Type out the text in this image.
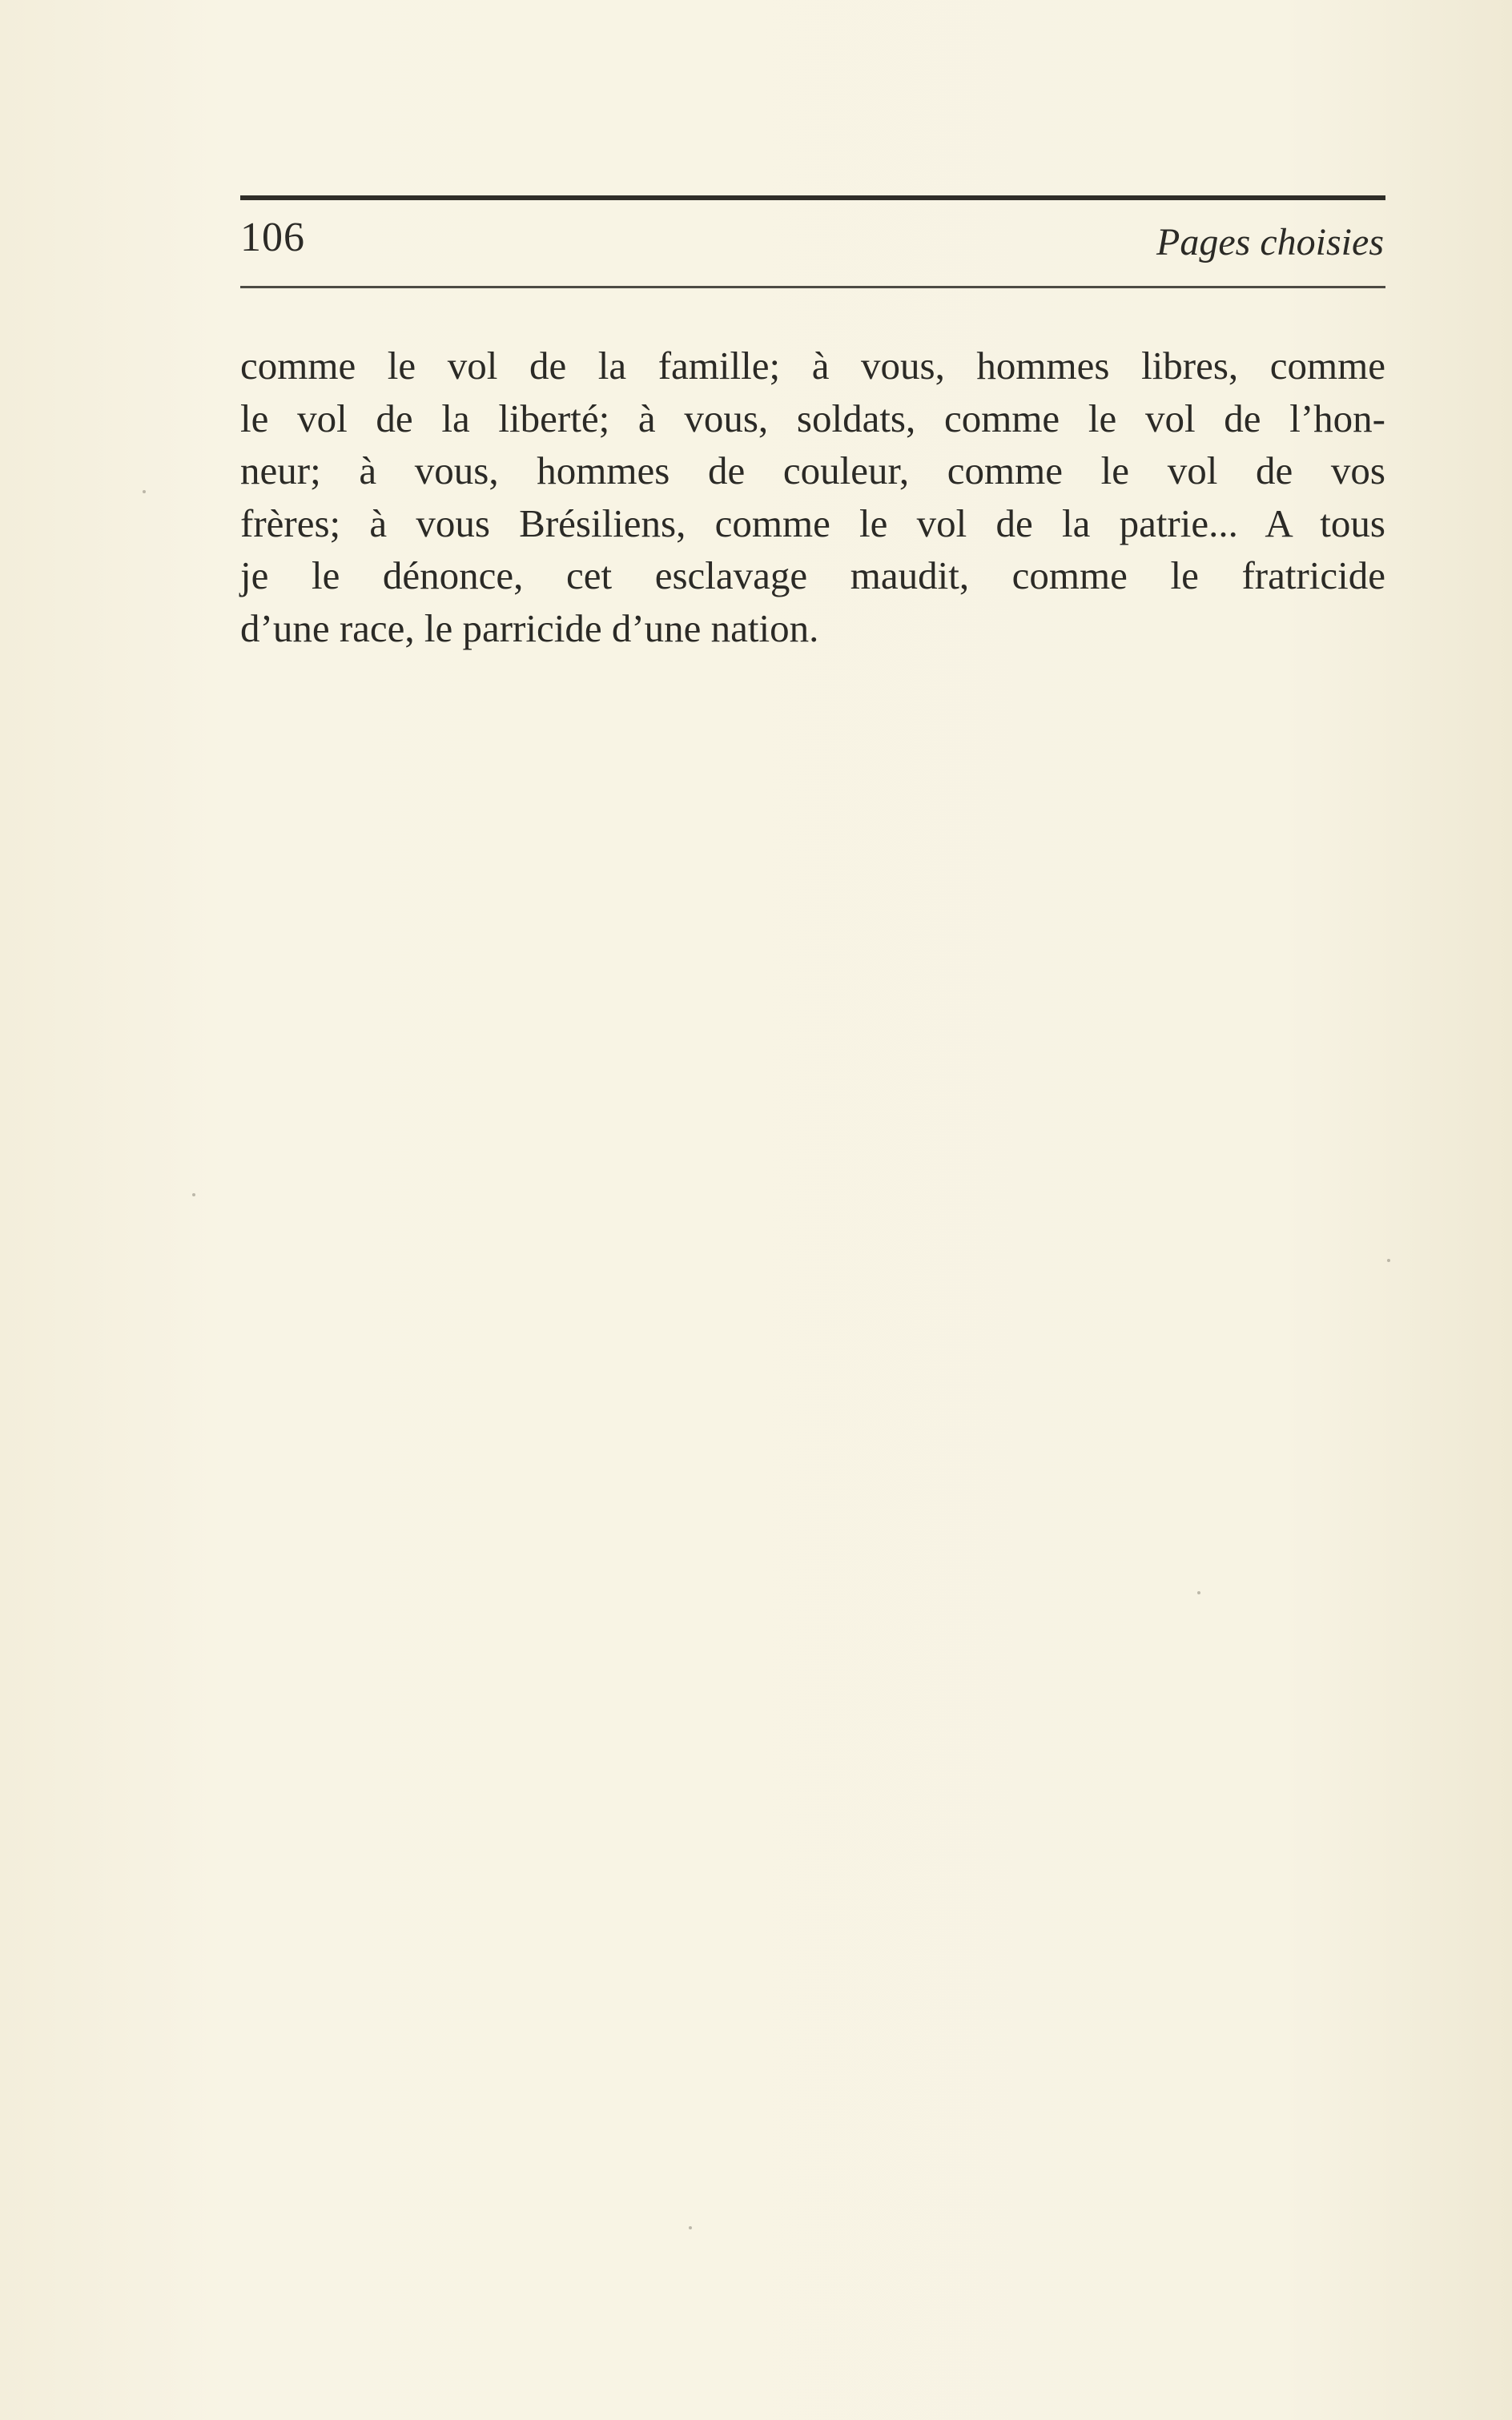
106	Pages choisies

comme le vol de la famille; à vous, hommes libres, comme
le vol de la liberté; à vous, soldats, comme le vol de l’hon-
neur; à vous, hommes de couleur, comme le vol de vos
frères; à vous Brésiliens, comme le vol de la patrie... A tous
je le dénonce, cet esclavage maudit, comme le fratricide
d’une race, le parricide d’une nation.
